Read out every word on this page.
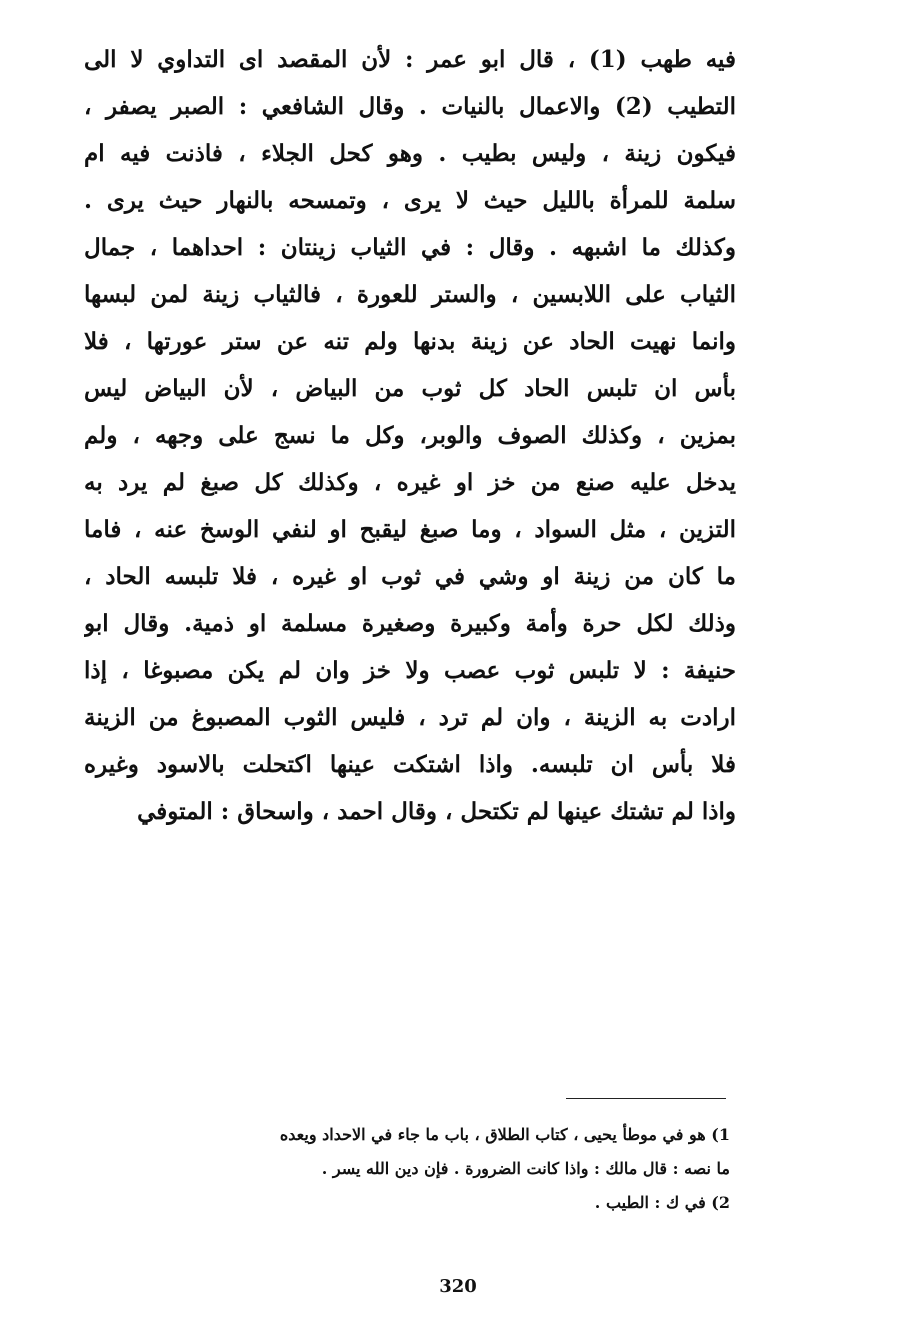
فيه طهب (1) ، قال ابو عمر : لأن المقصد اى التداوي لا الى
التطيب (2) والاعمال بالنيات . وقال الشافعي : الصبر يصفر ،
فيكون زينة ، وليس بطيب . وهو كحل الجلاء ، فاذنت فيه ام
سلمة للمرأة بالليل حيث لا يرى ، وتمسحه بالنهار حيث يرى .
وكذلك ما اشبهه . وقال : في الثياب زينتان : احداهما ، جمال
الثياب على اللابسين ، والستر للعورة ، فالثياب زينة لمن لبسها
وانما نهيت الحاد عن زينة بدنها ولم تنه عن ستر عورتها ، فلا
بأس ان تلبس الحاد كل ثوب من البياض ، لأن البياض ليس
بمزين ، وكذلك الصوف والوبر، وكل ما نسج على وجهه ، ولم
يدخل عليه صنع من خز او غيره ، وكذلك كل صبغ لم يرد به
التزين ، مثل السواد ، وما صبغ ليقبح او لنفي الوسخ عنه ، فاما
ما كان من زينة او وشي في ثوب او غيره ، فلا تلبسه الحاد ،
وذلك لكل حرة وأمة وكبيرة وصغيرة مسلمة او ذمية. وقال ابو
حنيفة : لا تلبس ثوب عصب ولا خز وان لم يكن مصبوغا ، إذا
ارادت به الزينة ، وان لم ترد ، فليس الثوب المصبوغ من الزينة
فلا بأس ان تلبسه. واذا اشتكت عينها اكتحلت بالاسود وغيره
واذا لم تشتك عينها لم تكتحل ، وقال احمد ، واسحاق : المتوفي
1) هو في موطأ يحيى ، كتاب الطلاق ، باب ما جاء في الاحداد ويعده
ما نصه : قال مالك : واذا كانت الضرورة . فإن دين الله يسر .
2) في ك : الطيب .
320
